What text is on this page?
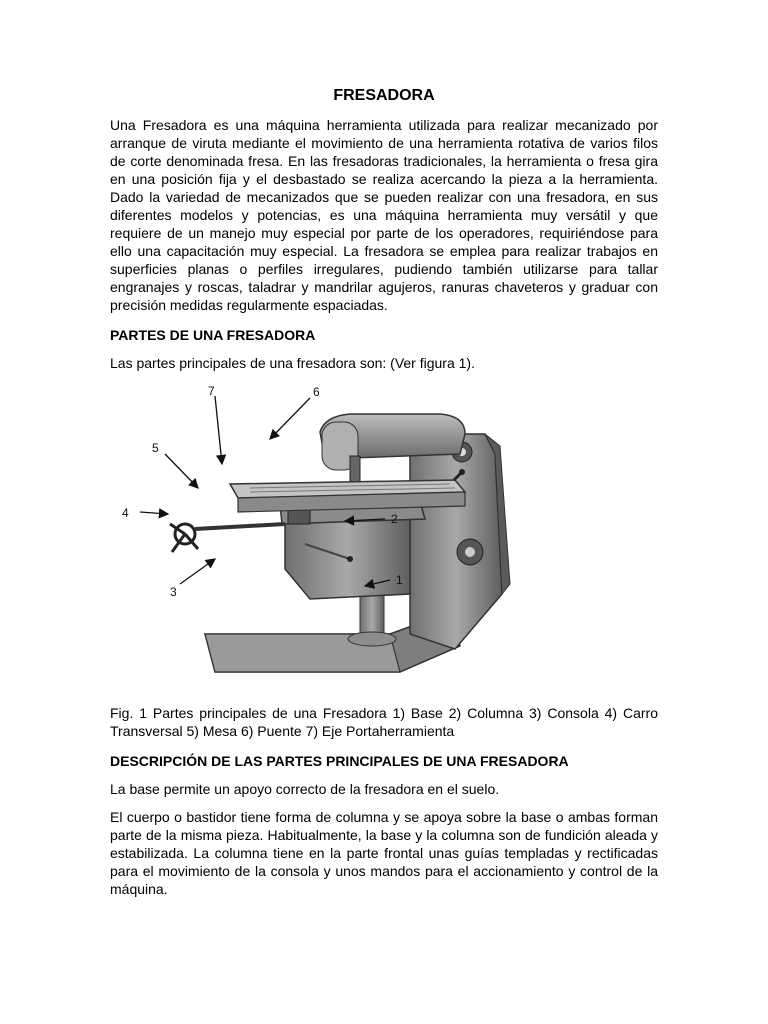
FRESADORA

Una Fresadora es una máquina herramienta utilizada para realizar mecanizado por arranque de viruta mediante el movimiento de una herramienta rotativa de varios filos de corte denominada fresa. En las fresadoras tradicionales, la herramienta o fresa gira en una posición fija y el desbastado se realiza acercando la pieza a la herramienta. Dado la variedad de mecanizados que se pueden realizar con una fresadora, en sus diferentes modelos y potencias, es una máquina herramienta muy versátil y que requiere de un manejo muy especial por parte de los operadores, requiriéndose para ello una capacitación muy especial. La fresadora se emplea para realizar trabajos en superficies planas o perfiles irregulares, pudiendo también utilizarse para tallar engranajes y roscas, taladrar y mandrilar agujeros, ranuras chaveteros y graduar con precisión medidas regularmente espaciadas.

PARTES DE UNA FRESADORA

Las partes principales de una fresadora son: (Ver figura 1).

7	6
5
4	2
3
1

Fig. 1 Partes principales de una Fresadora 1) Base 2) Columna 3) Consola 4) Carro Transversal 5) Mesa 6) Puente 7) Eje Portaherramienta

DESCRIPCIÓN DE LAS PARTES PRINCIPALES DE UNA FRESADORA

La base permite un apoyo correcto de la fresadora en el suelo.

El cuerpo o bastidor tiene forma de columna y se apoya sobre la base o ambas forman parte de la misma pieza. Habitualmente, la base y la columna son de fundición aleada y estabilizada. La columna tiene en la parte frontal unas guías templadas y rectificadas para el movimiento de la consola y unos mandos para el accionamiento y control de la máquina.
